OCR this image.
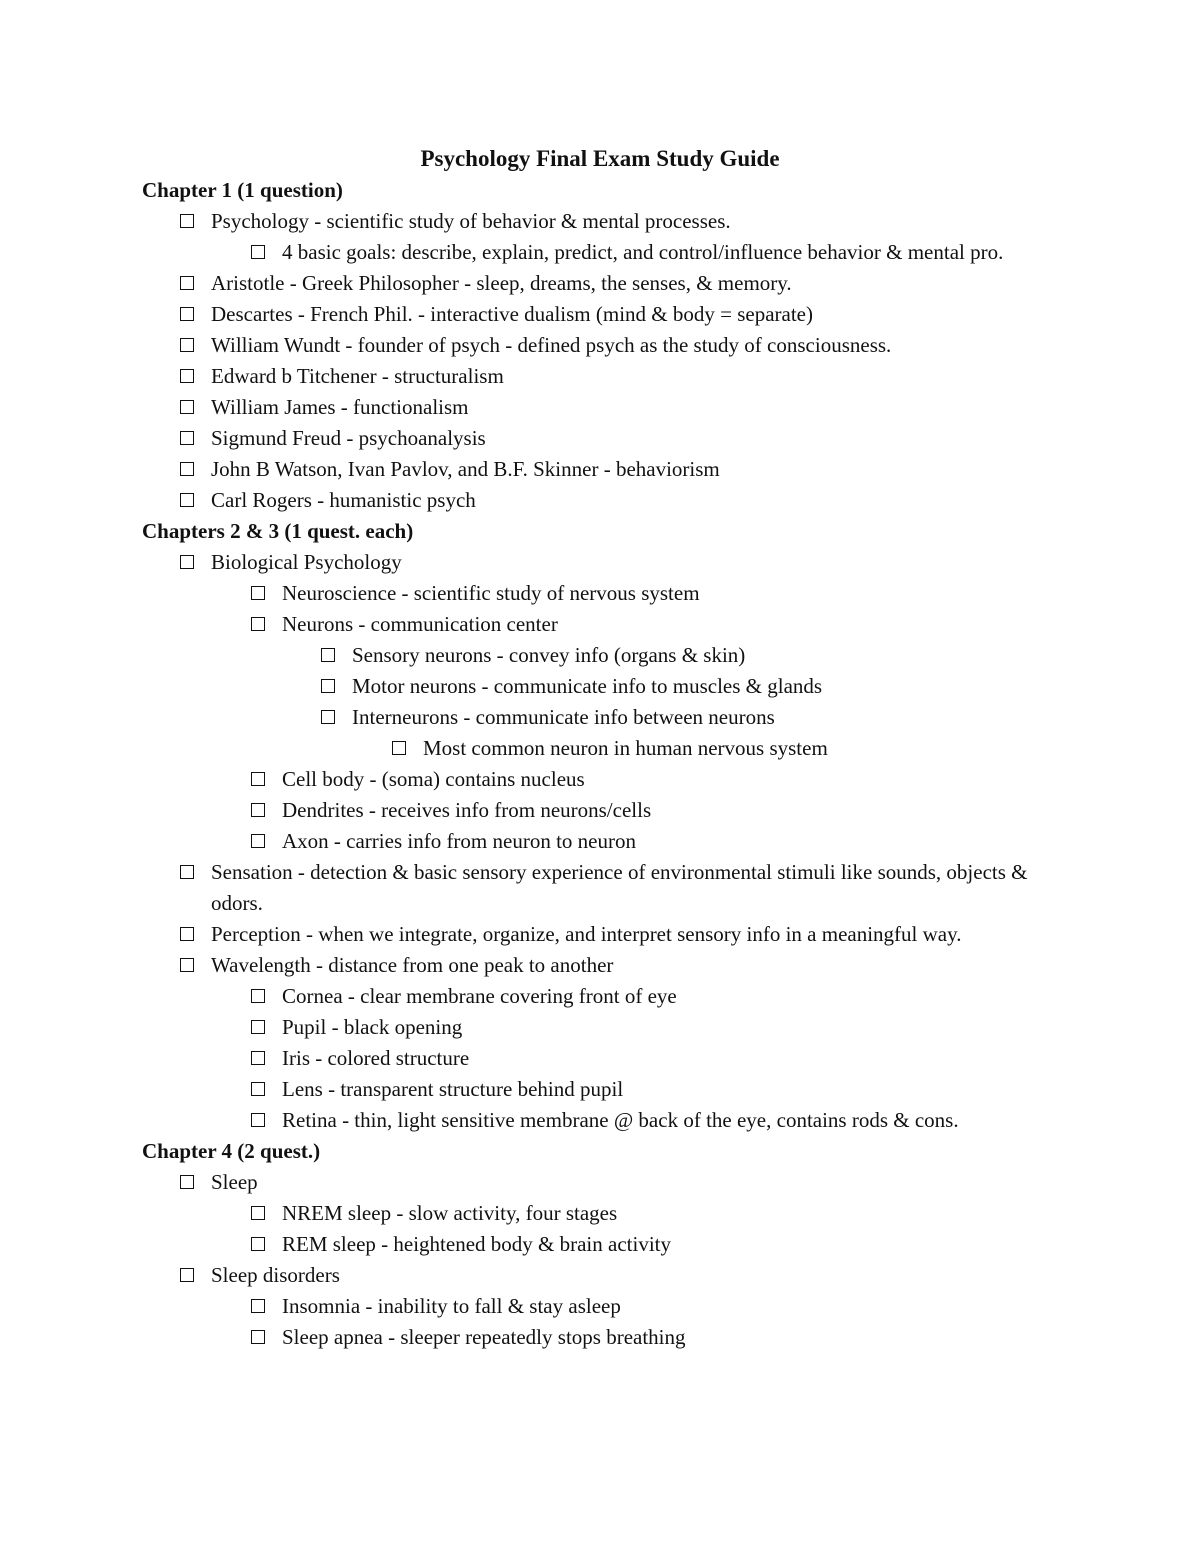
Psychology Final Exam Study Guide

Chapter 1 (1 question)

Psychology - scientific study of behavior & mental processes.
4 basic goals: describe, explain, predict, and control/influence behavior & mental pro.
Aristotle - Greek Philosopher - sleep, dreams, the senses, & memory.
Descartes - French Phil. - interactive dualism (mind & body = separate)
William Wundt - founder of psych - defined psych as the study of consciousness.
Edward b Titchener - structuralism
William James - functionalism
Sigmund Freud - psychoanalysis
John B Watson, Ivan Pavlov, and B.F. Skinner - behaviorism
Carl Rogers - humanistic psych

Chapters 2 & 3 (1 quest. each)

Biological Psychology
Neuroscience - scientific study of nervous system
Neurons - communication center
Sensory neurons - convey info (organs & skin)
Motor neurons - communicate info to muscles & glands
Interneurons - communicate info between neurons
Most common neuron in human nervous system
Cell body - (soma) contains nucleus
Dendrites - receives info from neurons/cells
Axon - carries info from neuron to neuron
Sensation - detection & basic sensory experience of environmental stimuli like sounds, objects & odors.
Perception - when we integrate, organize, and interpret sensory info in a meaningful way.
Wavelength - distance from one peak to another
Cornea - clear membrane covering front of eye
Pupil - black opening
Iris - colored structure
Lens - transparent structure behind pupil
Retina - thin, light sensitive membrane @ back of the eye, contains rods & cons.

Chapter 4 (2 quest.)

Sleep
NREM sleep - slow activity, four stages
REM sleep - heightened body & brain activity
Sleep disorders
Insomnia - inability to fall & stay asleep
Sleep apnea - sleeper repeatedly stops breathing
